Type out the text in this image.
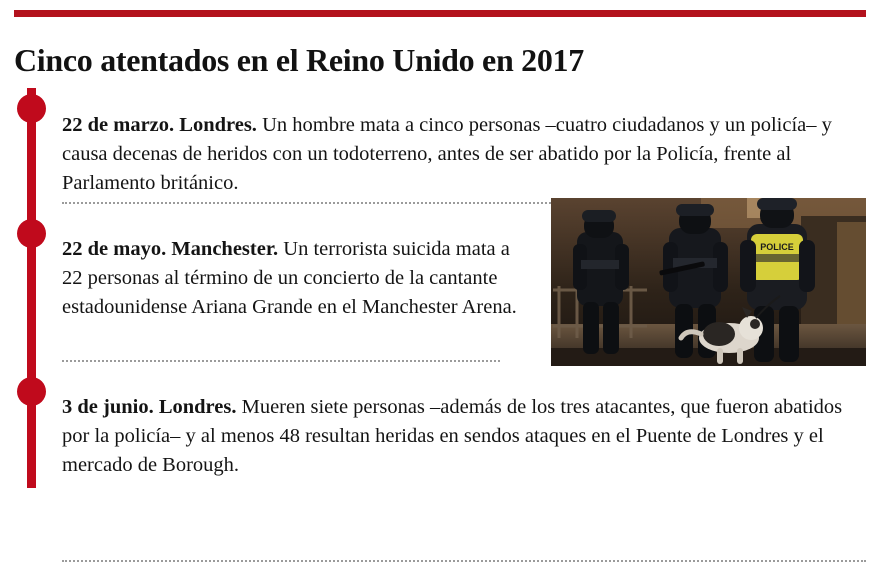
Cinco atentados en el Reino Unido en 2017

22 de marzo. Londres. Un hombre mata a cinco personas –cuatro ciudadanos y un policía– y causa decenas de heridos con un todoterreno, antes de ser abatido por la Policía, frente al Parlamento británico.

22 de mayo. Manchester. Un terrorista suicida mata a 22 personas al término de un concierto de la cantante estadounidense Ariana Grande en el Manchester Arena.

3 de junio. Londres. Mueren siete personas –además de los tres atacantes, que fueron abatidos por la policía– y al menos 48 resultan heridas en sendos ataques en el Puente de Londres y el mercado de Borough.

POLICE
